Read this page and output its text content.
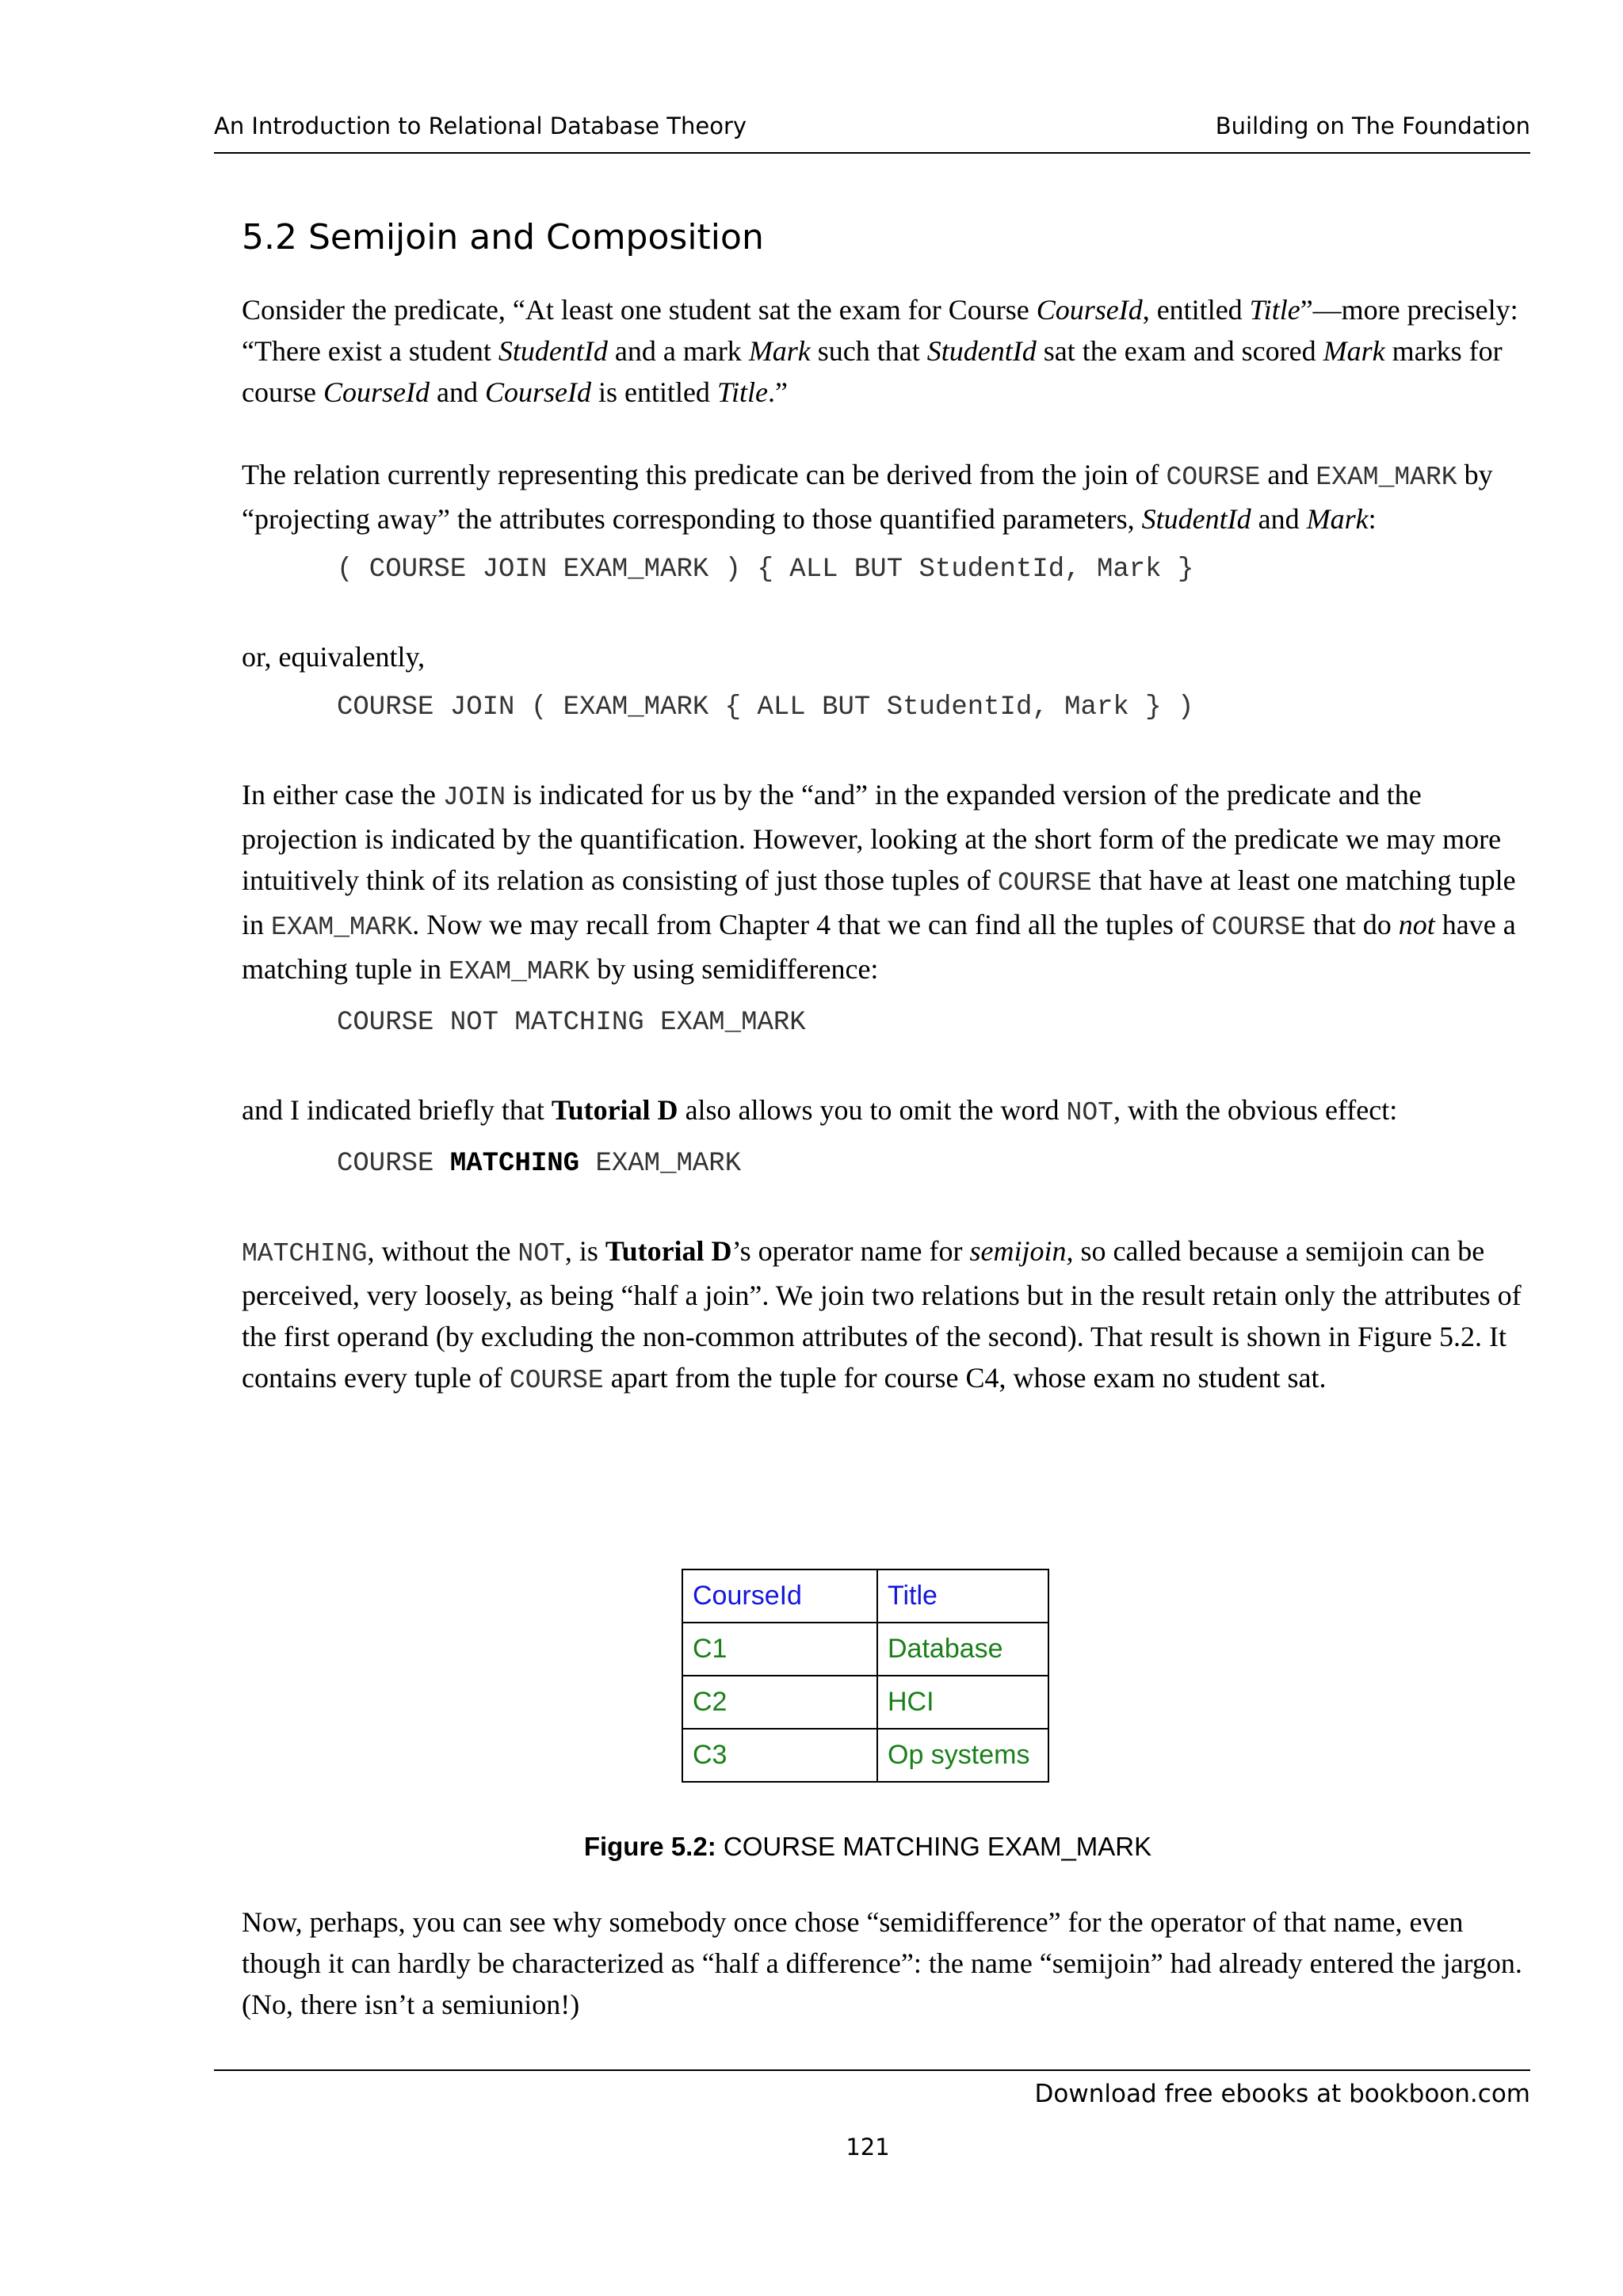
An Introduction to Relational Database Theory	Building on The Foundation
5.2 Semijoin and Composition

Consider the predicate, “At least one student sat the exam for Course CourseId, entitled Title”—more precisely: “There exist a student StudentId and a mark Mark such that StudentId sat the exam and scored Mark marks for course CourseId and CourseId is entitled Title.”

The relation currently representing this predicate can be derived from the join of COURSE and EXAM_MARK by “projecting away” the attributes corresponding to those quantified parameters, StudentId and Mark:

( COURSE JOIN EXAM_MARK ) { ALL BUT StudentId, Mark }

or, equivalently,

COURSE JOIN ( EXAM_MARK { ALL BUT StudentId, Mark } )

In either case the JOIN is indicated for us by the “and” in the expanded version of the predicate and the projection is indicated by the quantification. However, looking at the short form of the predicate we may more intuitively think of its relation as consisting of just those tuples of COURSE that have at least one matching tuple in EXAM_MARK. Now we may recall from Chapter 4 that we can find all the tuples of COURSE that do not have a matching tuple in EXAM_MARK by using semidifference:

COURSE NOT MATCHING EXAM_MARK

and I indicated briefly that Tutorial D also allows you to omit the word NOT, with the obvious effect:

COURSE MATCHING EXAM_MARK

MATCHING, without the NOT, is Tutorial D’s operator name for semijoin, so called because a semijoin can be perceived, very loosely, as being “half a join”. We join two relations but in the result retain only the attributes of the first operand (by excluding the non-common attributes of the second). That result is shown in Figure 5.2. It contains every tuple of COURSE apart from the tuple for course C4, whose exam no student sat.

CourseId	Title
C1	Database
C2	HCI
C3	Op systems
Figure 5.2: COURSE MATCHING EXAM_MARK

Now, perhaps, you can see why somebody once chose “semidifference” for the operator of that name, even though it can hardly be characterized as “half a difference”: the name “semijoin” had already entered the jargon. (No, there isn’t a semiunion!)

Download free ebooks at bookboon.com
121
